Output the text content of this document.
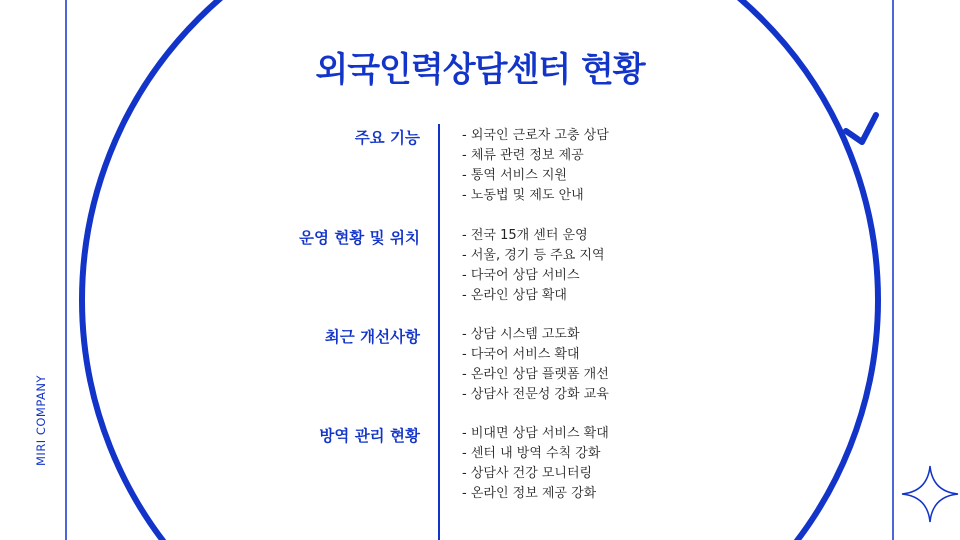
외국인력상담센터 현황
MIRI COMPANY
주요 기능	- 외국인 근로자 고충 상담
- 체류 관련 정보 제공
- 통역 서비스 지원
- 노동법 및 제도 안내
운영 현황 및 위치	- 전국 15개 센터 운영
- 서울, 경기 등 주요 지역
- 다국어 상담 서비스
- 온라인 상담 확대
최근 개선사항	- 상담 시스템 고도화
- 다국어 서비스 확대
- 온라인 상담 플랫폼 개선
- 상담사 전문성 강화 교육
방역 관리 현황	- 비대면 상담 서비스 확대
- 센터 내 방역 수칙 강화
- 상담사 건강 모니터링
- 온라인 정보 제공 강화
